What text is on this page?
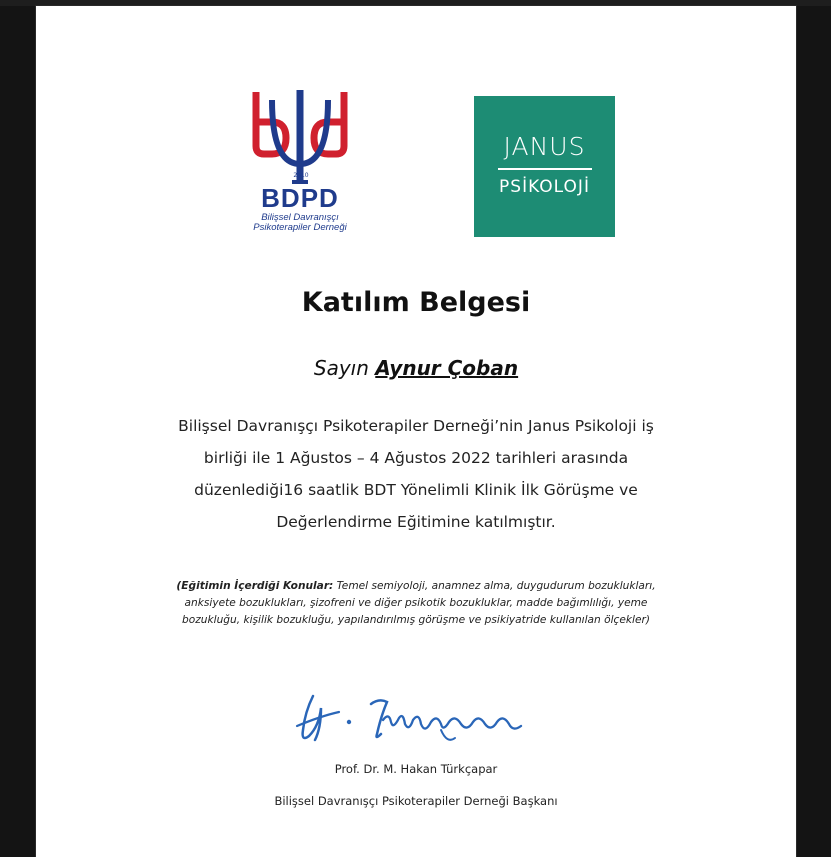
2010
BDPD
Bilişsel Davranışçı
Psikoterapiler Derneği
JANUS
PSİKOLOJİ
Katılım Belgesi
Sayın Aynur Çoban
Bilişsel Davranışçı Psikoterapiler Derneği’nin Janus Psikoloji iş
birliği ile 1 Ağustos – 4 Ağustos 2022 tarihleri arasında
düzenlediği16 saatlik BDT Yönelimli Klinik İlk Görüşme ve
Değerlendirme Eğitimine katılmıştır.
(Eğitimin İçerdiği Konular: Temel semiyoloji, anamnez alma, duygudurum bozuklukları,
anksiyete bozuklukları, şizofreni ve diğer psikotik bozukluklar, madde bağımlılığı, yeme
bozukluğu, kişilik bozukluğu, yapılandırılmış görüşme ve psikiyatride kullanılan ölçekler)
Prof. Dr. M. Hakan Türkçapar
Bilişsel Davranışçı Psikoterapiler Derneği Başkanı
